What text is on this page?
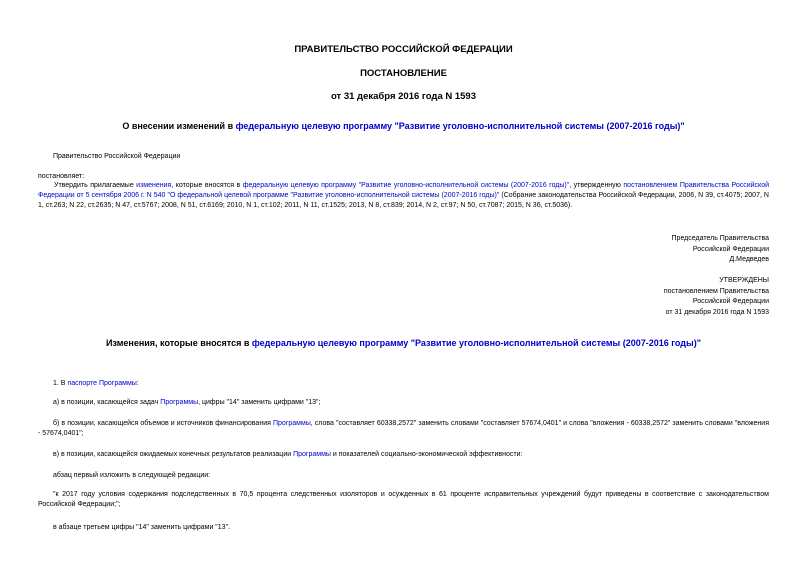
ПРАВИТЕЛЬСТВО РОССИЙСКОЙ ФЕДЕРАЦИИ
ПОСТАНОВЛЕНИЕ
от 31 декабря 2016 года N 1593
О внесении изменений в федеральную целевую программу "Развитие уголовно-исполнительной системы (2007-2016 годы)"
Правительство Российской Федерации
постановляет:
Утвердить прилагаемые изменения, которые вносятся в федеральную целевую программу "Развитие уголовно-исполнительной системы (2007-2016 годы)", утвержденную постановлением Правительства Российской Федерации от 5 сентября 2006 г. N 540 "О федеральной целевой программе "Развитие уголовно-исполнительной системы (2007-2016 годы)" (Собрание законодательства Российской Федерации, 2006, N 39, ст.4075; 2007, N 1, ст.263; N 22, ст.2635; N 47, ст.5767; 2008, N 51, ст.6169; 2010, N 1, ст.102; 2011, N 11, ст.1525; 2013, N 8, ст.839; 2014, N 2, ст.97; N 50, ст.7087; 2015, N 36, ст.5036).
Председатель Правительства
Российской Федерации
Д.Медведев
УТВЕРЖДЕНЫ
постановлением Правительства
Российской Федерации
от 31 декабря 2016 года N 1593
Изменения, которые вносятся в федеральную целевую программу "Развитие уголовно-исполнительной системы (2007-2016 годы)"
1. В паспорте Программы:
а) в позиции, касающейся задач Программы, цифры "14" заменить цифрами "13";
б) в позиции, касающейся объемов и источников финансирования Программы, слова "составляет 60338,2572" заменить словами "составляет 57674,0401" и слова "вложения - 60338,2572" заменить словами "вложения - 57674,0401";
в) в позиции, касающейся ожидаемых конечных результатов реализации Программы и показателей социально-экономической эффективности:
абзац первый изложить в следующей редакции:
"к 2017 году условия содержания подследственных в 70,5 процента следственных изоляторов и осужденных в 61 проценте исправительных учреждений будут приведены в соответствие с законодательством Российской Федерации;";
в абзаце третьем цифры "14" заменить цифрами "13".
